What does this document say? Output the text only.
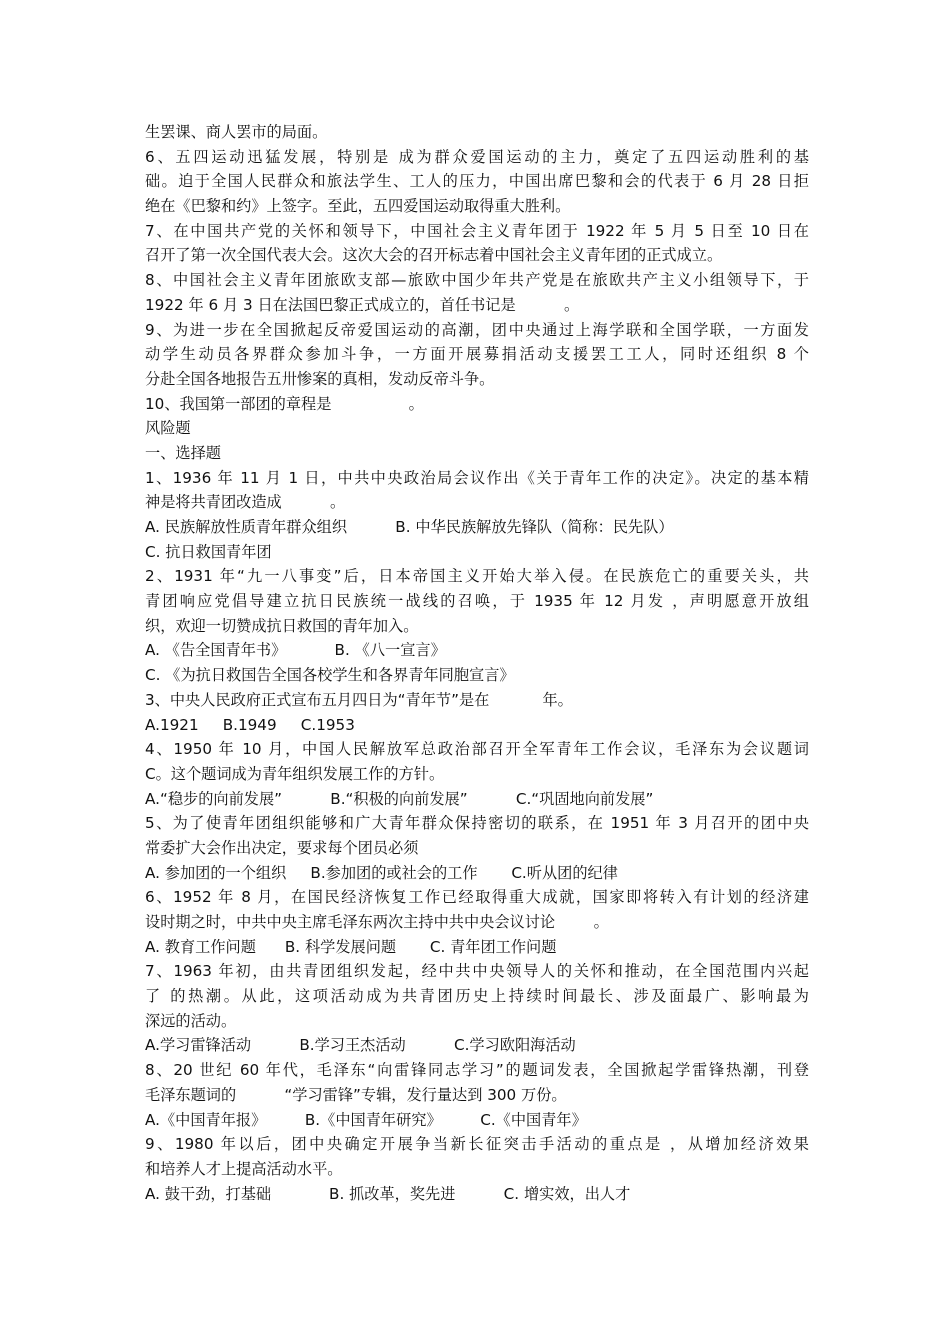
生罢课、商人罢市的局面。
6、五四运动迅猛发展，特别是 成为群众爱国运动的主力，奠定了五四运动胜利的基
础。迫于全国人民群众和旅法学生、工人的压力，中国出席巴黎和会的代表于 6 月 28 日拒
绝在《巴黎和约》上签字。至此，五四爱国运动取得重大胜利。
7、在中国共产党的关怀和领导下，中国社会主义青年团于 1922 年 5 月 5 日至 10 日在
召开了第一次全国代表大会。这次大会的召开标志着中国社会主义青年团的正式成立。
8、中国社会主义青年团旅欧支部—旅欧中国少年共产党是在旅欧共产主义小组领导下，于
1922 年 6 月 3 日在法国巴黎正式成立的，首任书记是          。
9、为进一步在全国掀起反帝爱国运动的高潮，团中央通过上海学联和全国学联，一方面发
动学生动员各界群众参加斗争，一方面开展募捐活动支援罢工工人，同时还组织 8 个
分赴全国各地报告五卅惨案的真相，发动反帝斗争。
10、我国第一部团的章程是                。
风险题
一、选择题
1、1936 年 11 月 1 日，中共中央政治局会议作出《关于青年工作的决定》。决定的基本精
神是将共青团改造成          。
A. 民族解放性质青年群众组织          B. 中华民族解放先锋队（简称：民先队）
C. 抗日救国青年团
2、1931 年“九一八事变”后，日本帝国主义开始大举入侵。在民族危亡的重要关头，共
青团响应党倡导建立抗日民族统一战线的召唤，于 1935 年 12 月发 ，声明愿意开放组
织，欢迎一切赞成抗日救国的青年加入。
A. 《告全国青年书》          B. 《八一宣言》
C. 《为抗日救国告全国各校学生和各界青年同胞宣言》
3、中央人民政府正式宣布五月四日为“青年节”是在           年。
A.1921     B.1949     C.1953
4、1950 年 10 月，中国人民解放军总政治部召开全军青年工作会议，毛泽东为会议题词
C。这个题词成为青年组织发展工作的方针。
A.“稳步的向前发展”          B.“积极的向前发展”          C.“巩固地向前发展”
5、为了使青年团组织能够和广大青年群众保持密切的联系，在 1951 年 3 月召开的团中央
常委扩大会作出决定，要求每个团员必须
A. 参加团的一个组织     B.参加团的或社会的工作       C.听从团的纪律
6、1952 年 8 月，在国民经济恢复工作已经取得重大成就，国家即将转入有计划的经济建
设时期之时，中共中央主席毛泽东两次主持中共中央会议讨论        。
A. 教育工作问题      B. 科学发展问题       C. 青年团工作问题
7、1963 年初，由共青团组织发起，经中共中央领导人的关怀和推动，在全国范围内兴起
了 的热潮。从此，这项活动成为共青团历史上持续时间最长、涉及面最广、影响最为
深远的活动。
A.学习雷锋活动          B.学习王杰活动          C.学习欧阳海活动
8、20 世纪 60 年代，毛泽东“向雷锋同志学习”的题词发表，全国掀起学雷锋热潮，刊登
毛泽东题词的          “学习雷锋”专辑，发行量达到 300 万份。
A.《中国青年报》        B.《中国青年研究》        C.《中国青年》
9、1980 年以后，团中央确定开展争当新长征突击手活动的重点是 ，从增加经济效果
和培养人才上提高活动水平。
A. 鼓干劲，打基础            B. 抓改革，奖先进          C. 增实效，出人才
